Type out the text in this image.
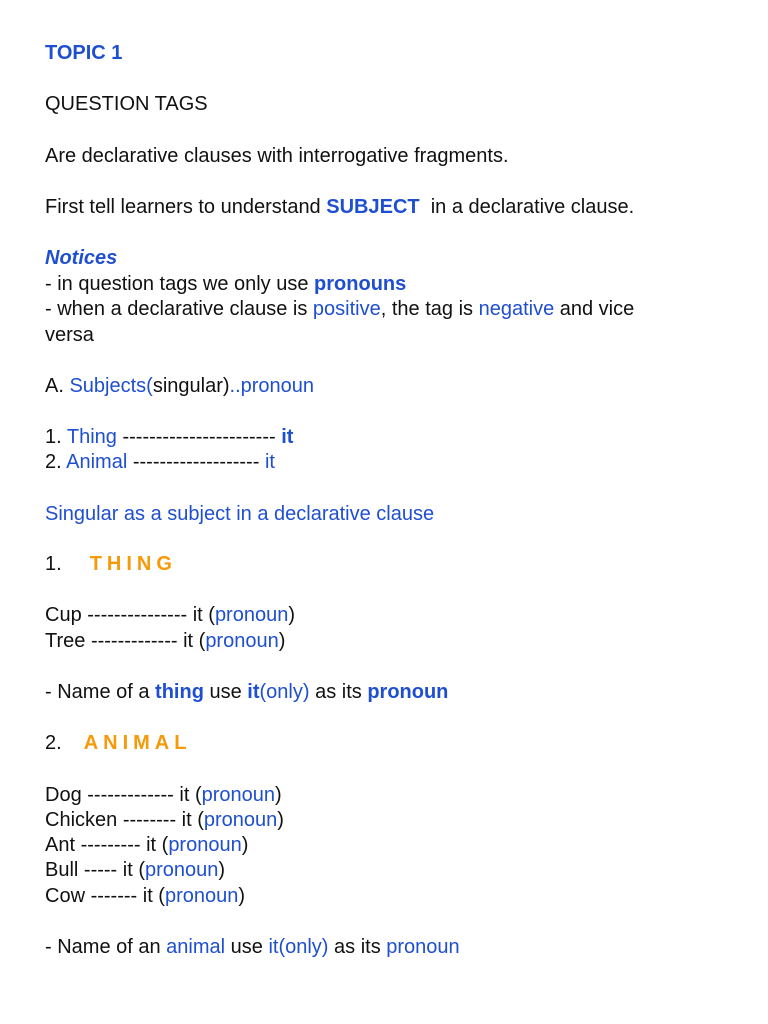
TOPIC 1

QUESTION TAGS

Are declarative clauses with interrogative fragments.

First tell learners to understand SUBJECT  in a declarative clause.

Notices

- in question tags we only use pronouns

- when a declarative clause is positive, the tag is negative and vice

versa

A. Subjects(singular)..pronoun

1. Thing ----------------------- it

2. Animal ------------------- it

Singular as a subject in a declarative clause

1. THING

Cup --------------- it (pronoun)

Tree ------------- it (pronoun)

- Name of a thing use it(only) as its pronoun

2. ANIMAL

Dog ------------- it (pronoun)

Chicken -------- it (pronoun)

Ant --------- it (pronoun)

Bull ----- it (pronoun)

Cow ------- it (pronoun)

- Name of an animal use it(only) as its pronoun
